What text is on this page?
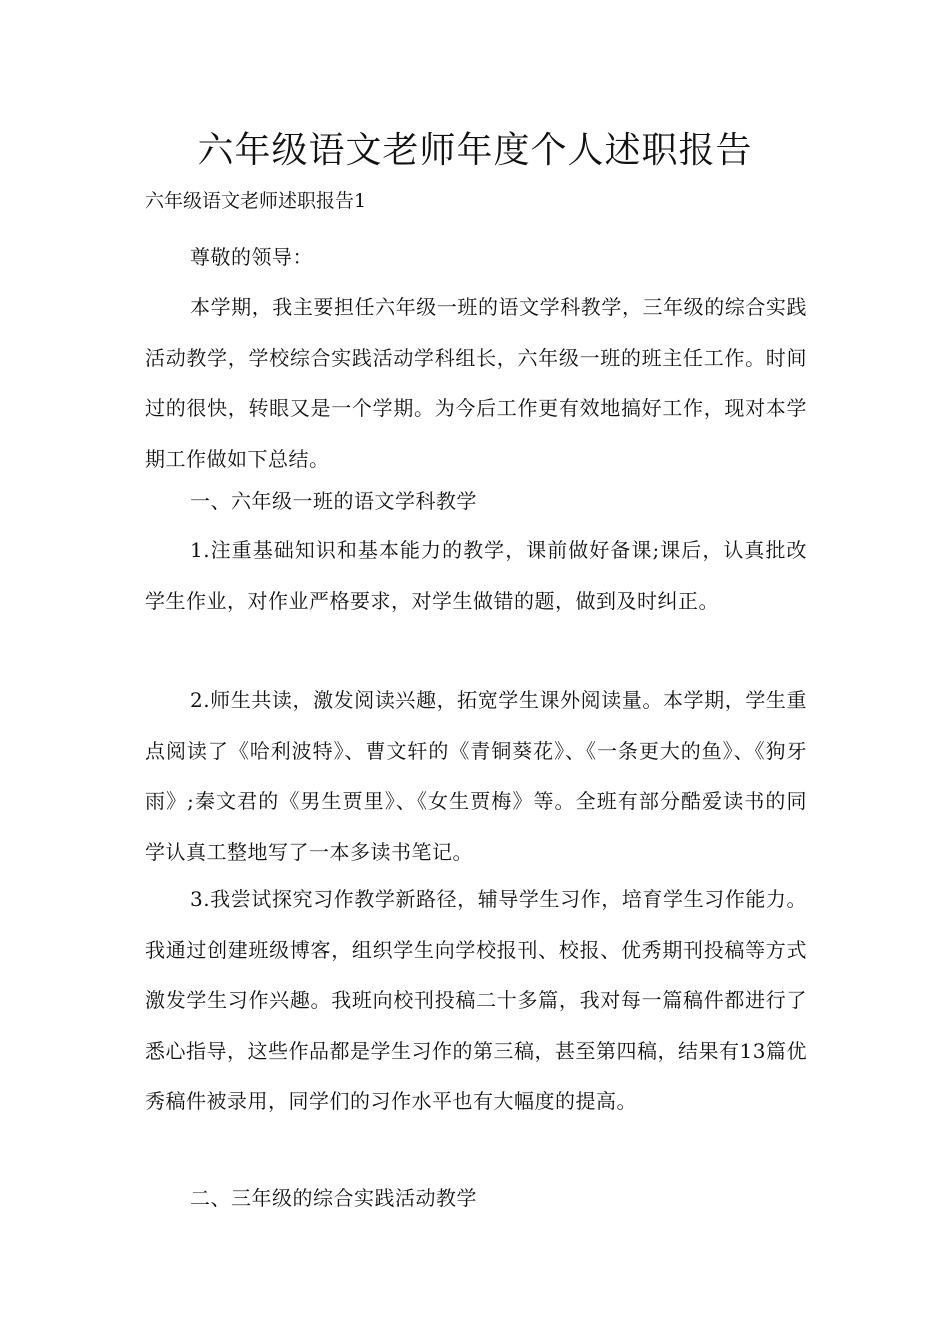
六年级语文老师年度个人述职报告
六年级语文老师述职报告1
尊敬的领导：
本学期，我主要担任六年级一班的语文学科教学，三年级的综合实践活动教学，学校综合实践活动学科组长，六年级一班的班主任工作。时间过的很快，转眼又是一个学期。为今后工作更有效地搞好工作，现对本学期工作做如下总结。
一、六年级一班的语文学科教学
1.注重基础知识和基本能力的教学，课前做好备课;课后，认真批改学生作业，对作业严格要求，对学生做错的题，做到及时纠正。
2.师生共读，激发阅读兴趣，拓宽学生课外阅读量。本学期，学生重点阅读了《哈利波特》、曹文轩的《青铜葵花》、《一条更大的鱼》、《狗牙雨》;秦文君的《男生贾里》、《女生贾梅》等。全班有部分酷爱读书的同学认真工整地写了一本多读书笔记。
3.我尝试探究习作教学新路径，辅导学生习作，培育学生习作能力。我通过创建班级博客，组织学生向学校报刊、校报、优秀期刊投稿等方式激发学生习作兴趣。我班向校刊投稿二十多篇，我对每一篇稿件都进行了悉心指导，这些作品都是学生习作的第三稿，甚至第四稿，结果有13篇优秀稿件被录用，同学们的习作水平也有大幅度的提高。
二、三年级的综合实践活动教学
